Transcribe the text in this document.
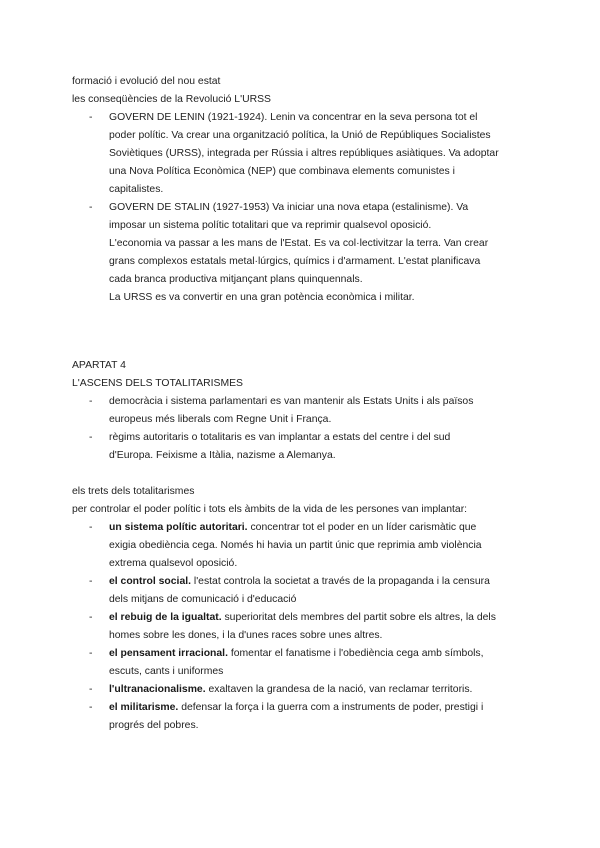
formació i evolució del nou estat
les conseqüències de la Revolució L'URSS
- GOVERN DE LENIN (1921-1924). Lenin va concentrar en la seva persona tot el
poder polític. Va crear una organització política, la Unió de Repúbliques Socialistes
Soviètiques (URSS), integrada per Rússia i altres repúbliques asiàtiques. Va adoptar
una Nova Política Econòmica (NEP) que combinava elements comunistes i
capitalistes.
- GOVERN DE STALIN (1927-1953) Va iniciar una nova etapa (estalinisme). Va
imposar un sistema polític totalitari que va reprimir qualsevol oposició.
L'economia va passar a les mans de l'Estat. Es va col·lectivitzar la terra. Van crear
grans complexos estatals metal·lúrgics, químics i d'armament. L'estat planificava
cada branca productiva mitjançant plans quinquennals.
La URSS es va convertir en una gran potència econòmica i militar.
APARTAT 4
L'ASCENS DELS TOTALITARISMES
- democràcia i sistema parlamentari es van mantenir als Estats Units i als països
europeus més liberals com Regne Unit i França.
- règims autoritaris o totalitaris es van implantar a estats del centre i del sud
d'Europa. Feixisme a Itàlia, nazisme a Alemanya.
els trets dels totalitarismes
per controlar el poder polític i tots els àmbits de la vida de les persones van implantar:
- un sistema polític autoritari. concentrar tot el poder en un líder carismàtic que
exigia obediència cega. Només hi havia un partit únic que reprimia amb violència
extrema qualsevol oposició.
- el control social. l'estat controla la societat a través de la propaganda i la censura
dels mitjans de comunicació i d'educació
- el rebuig de la igualtat. superioritat dels membres del partit sobre els altres, la dels
homes sobre les dones, i la d'unes races sobre unes altres.
- el pensament irracional. fomentar el fanatisme i l'obediència cega amb símbols,
escuts, cants i uniformes
- l'ultranacionalisme. exaltaven la grandesa de la nació, van reclamar territoris.
- el militarisme. defensar la força i la guerra com a instruments de poder, prestigi i
progrés del pobres.
